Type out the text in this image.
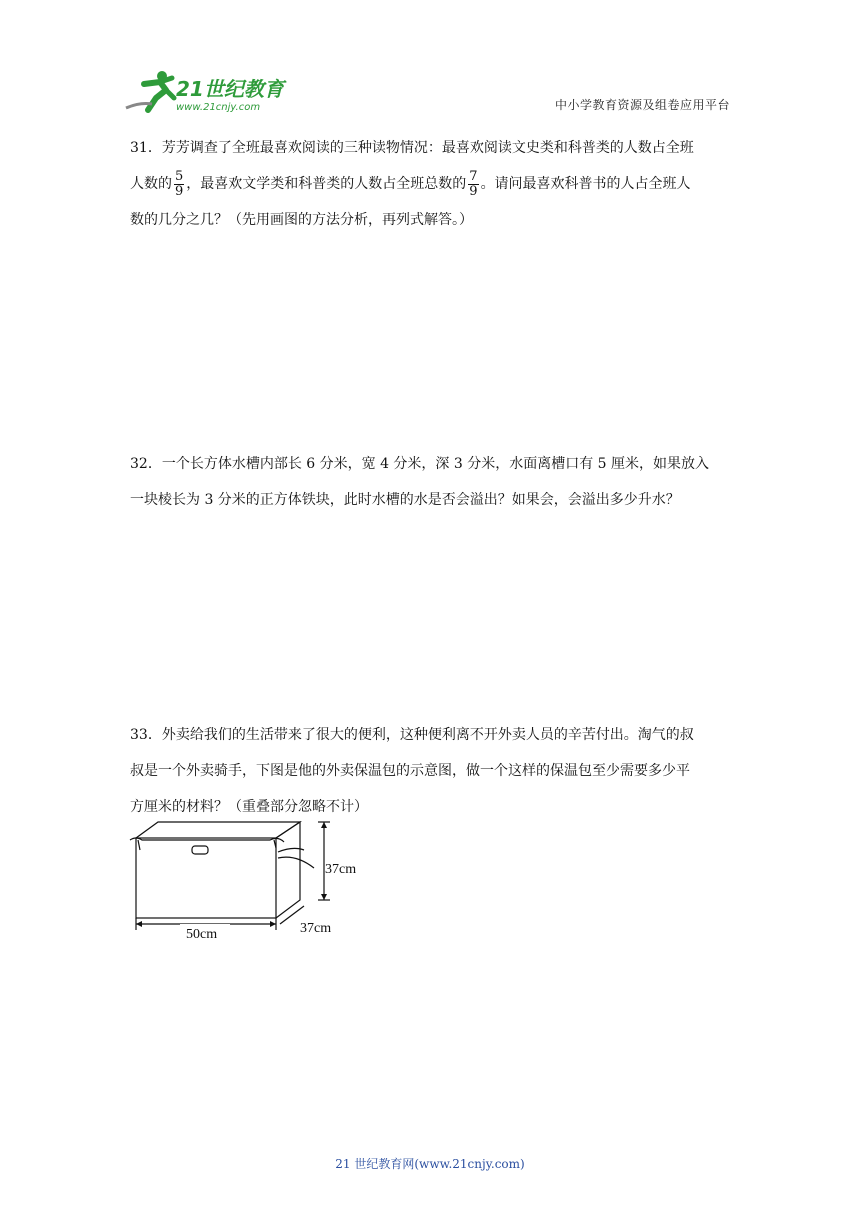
21世纪教育
www.21cnjy.com	中小学教育资源及组卷应用平台
31．芳芳调查了全班最喜欢阅读的三种读物情况：最喜欢阅读文史类和科普类的人数占全班
人数的 $\frac{5}{9}$ ，最喜欢文学类和科普类的人数占全班总数的 $\frac{7}{9}$ 。请问最喜欢科普书的人占全班人
数的几分之几？（先用画图的方法分析，再列式解答。）
32．一个长方体水槽内部长 6 分米，宽 4 分米，深 3 分米，水面离槽口有 5 厘米，如果放入
一块棱长为 3 分米的正方体铁块，此时水槽的水是否会溢出？如果会，会溢出多少升水？
33．外卖给我们的生活带来了很大的便利，这种便利离不开外卖人员的辛苦付出。淘气的叔
叔是一个外卖骑手，下图是他的外卖保温包的示意图，做一个这样的保温包至少需要多少平
方厘米的材料？（重叠部分忽略不计）
37cm
37cm
50cm
21 世纪教育网(www.21cnjy.com)
